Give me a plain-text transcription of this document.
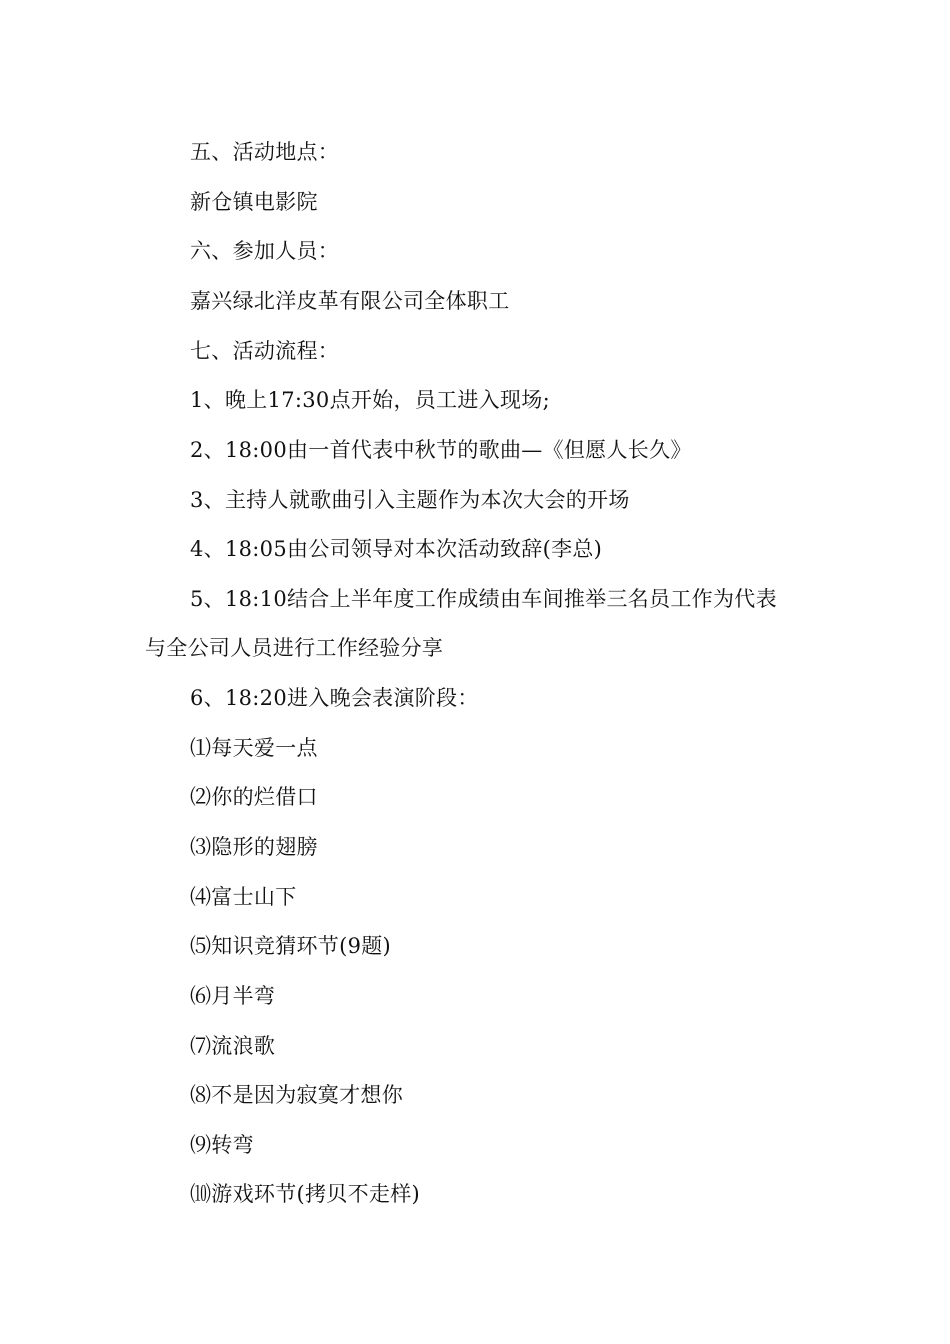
五、活动地点：
新仓镇电影院
六、参加人员：
嘉兴绿北洋皮革有限公司全体职工
七、活动流程：
1、晚上17:30点开始，员工进入现场;
2、18:00由一首代表中秋节的歌曲—《但愿人长久》
3、主持人就歌曲引入主题作为本次大会的开场
4、18:05由公司领导对本次活动致辞(李总)
5、18:10结合上半年度工作成绩由车间推举三名员工作为代表
与全公司人员进行工作经验分享
6、18:20进入晚会表演阶段：
⑴每天爱一点
⑵你的烂借口
⑶隐形的翅膀
⑷富士山下
⑸知识竞猜环节(9题)
⑹月半弯
⑺流浪歌
⑻不是因为寂寞才想你
⑼转弯
⑽游戏环节(拷贝不走样)
